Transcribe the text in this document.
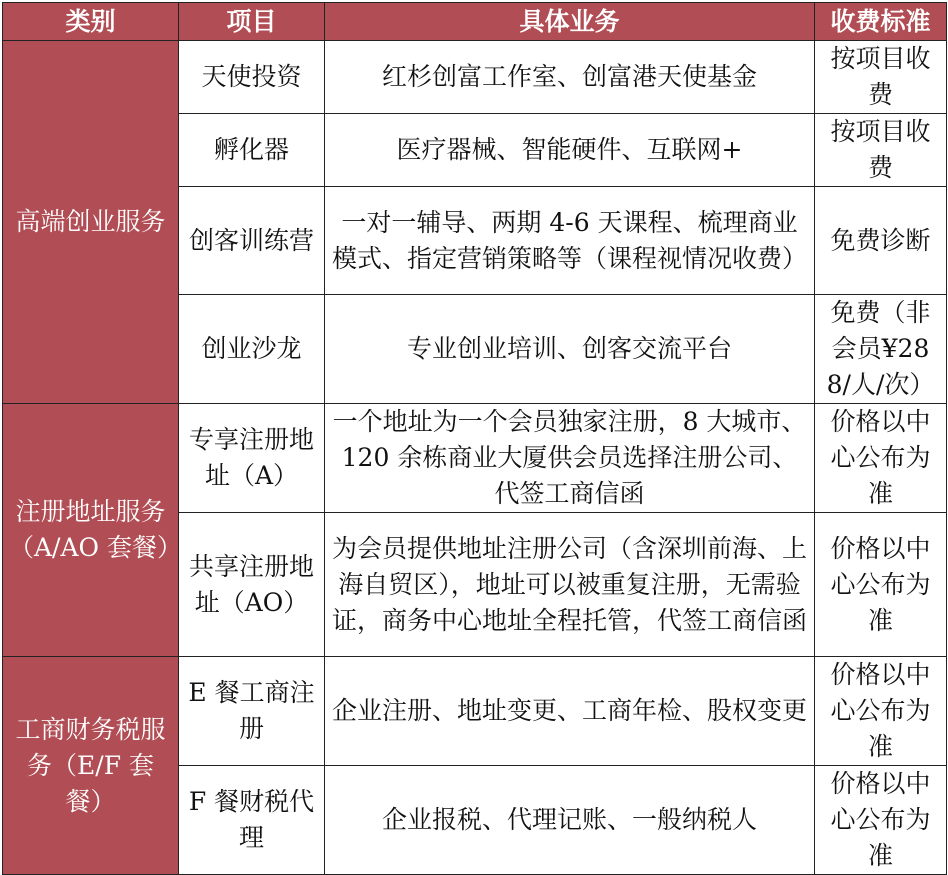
类别	项目	具体业务	收费标准
高端创业服务	天使投资	红杉创富工作室、创富港天使基金	按项目收费
	孵化器	医疗器械、智能硬件、互联网+	按项目收费
	创客训练营	一对一辅导、两期 4-6 天课程、梳理商业模式、指定营销策略等（课程视情况收费）	免费诊断
	创业沙龙	专业创业培训、创客交流平台	免费（非会员¥288/人/次）
注册地址服务（A/AO 套餐）	专享注册地址（A）	一个地址为一个会员独家注册，8 大城市、120 余栋商业大厦供会员选择注册公司、代签工商信函	价格以中心公布为准
	共享注册地址（AO）	为会员提供地址注册公司（含深圳前海、上海自贸区），地址可以被重复注册，无需验证，商务中心地址全程托管，代签工商信函	价格以中心公布为准
工商财务税服务（E/F 套餐）	E 餐工商注册	企业注册、地址变更、工商年检、股权变更	价格以中心公布为准
	F 餐财税代理	企业报税、代理记账、一般纳税人	价格以中心公布为准
